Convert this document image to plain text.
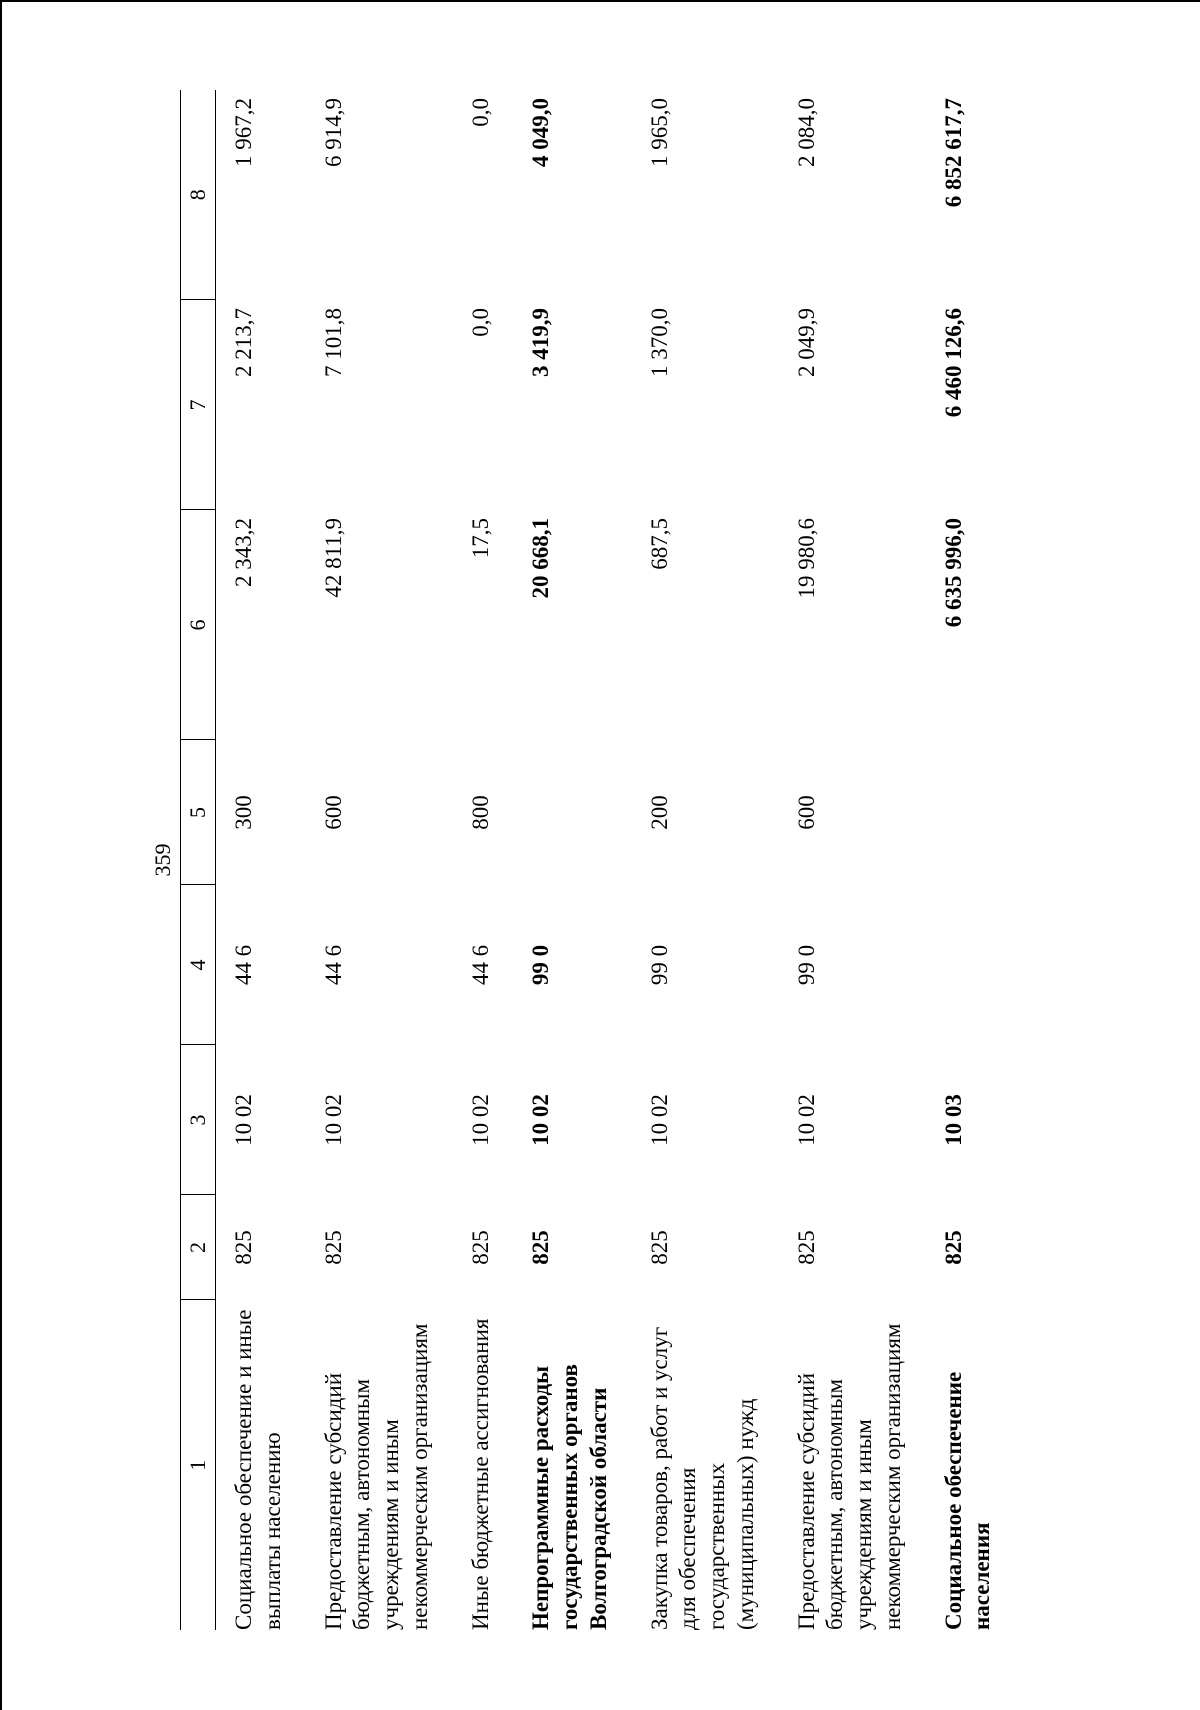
359
1	2	3	4	5	6	7	8
Социальное обеспечение и иные выплаты населению	825	10 02	44 6	300	2 343,2	2 213,7	1 967,2
Предоставление субсидий бюджетным, автономным учреждениям и иным некоммерческим организациям	825	10 02	44 6	600	42 811,9	7 101,8	6 914,9
Иные бюджетные ассигнования	825	10 02	44 6	800	17,5	0,0	0,0
Непрограммные расходы государственных органов Волгоградской области	825	10 02	99 0		20 668,1	3 419,9	4 049,0
Закупка товаров, работ и услуг для обеспечения государственных (муниципальных) нужд	825	10 02	99 0	200	687,5	1 370,0	1 965,0
Предоставление субсидий бюджетным, автономным учреждениям и иным некоммерческим организациям	825	10 02	99 0	600	19 980,6	2 049,9	2 084,0
Социальное обеспечение населения	825	10 03			6 635 996,0	6 460 126,6	6 852 617,7
